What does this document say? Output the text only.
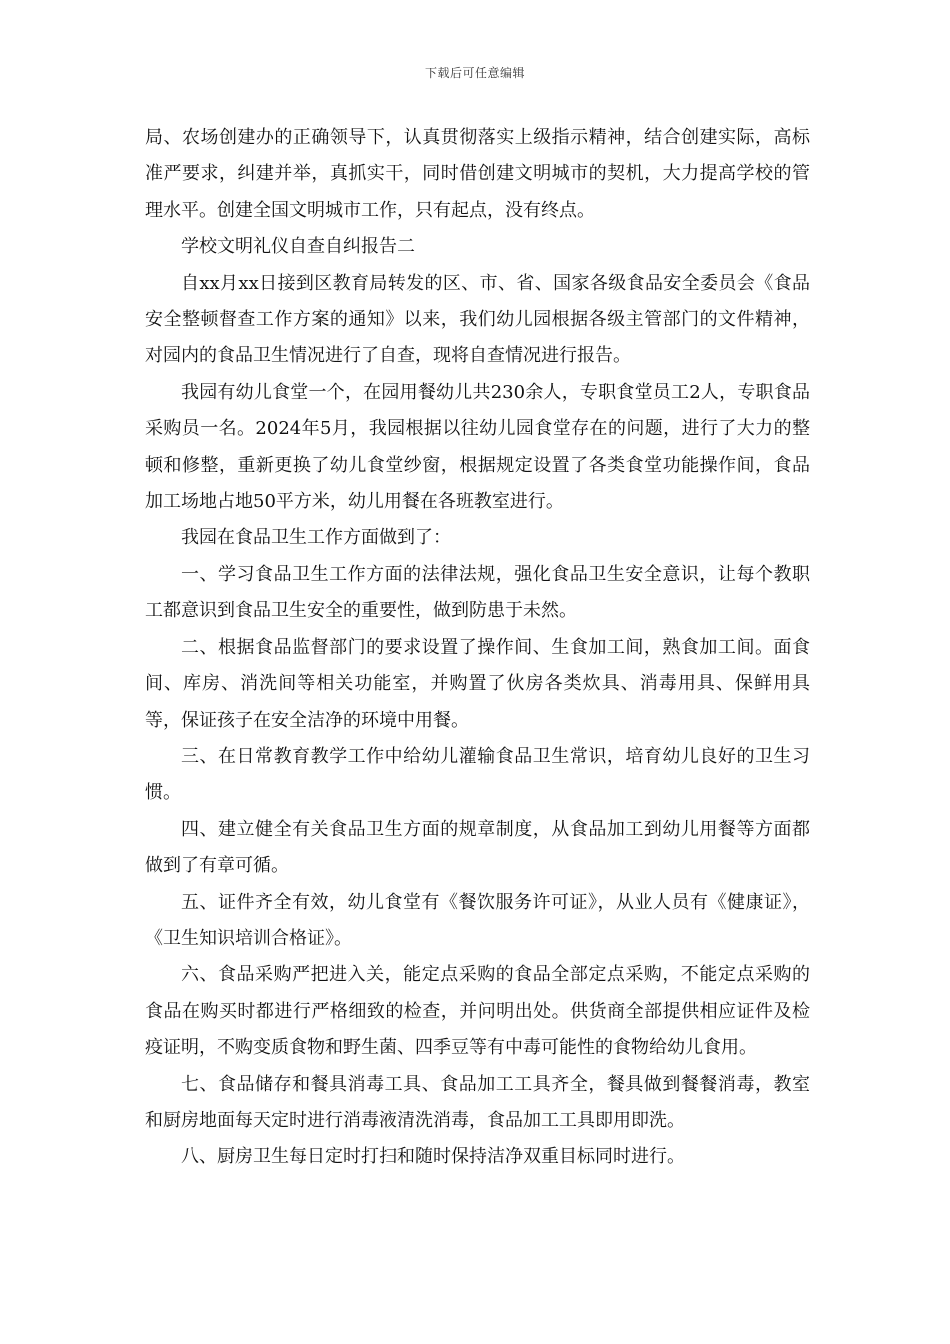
下载后可任意编辑

局、农场创建办的正确领导下，认真贯彻落实上级指示精神，结合创建实际，高标准严要求，纠建并举，真抓实干，同时借创建文明城市的契机，大力提高学校的管理水平。创建全国文明城市工作，只有起点，没有终点。

学校文明礼仪自查自纠报告二

自xx月xx日接到区教育局转发的区、市、省、国家各级食品安全委员会《食品安全整顿督查工作方案的通知》以来，我们幼儿园根据各级主管部门的文件精神，对园内的食品卫生情况进行了自查，现将自查情况进行报告。

我园有幼儿食堂一个，在园用餐幼儿共230余人，专职食堂员工2人，专职食品采购员一名。2024年5月，我园根据以往幼儿园食堂存在的问题，进行了大力的整顿和修整，重新更换了幼儿食堂纱窗，根据规定设置了各类食堂功能操作间，食品加工场地占地50平方米，幼儿用餐在各班教室进行。

我园在食品卫生工作方面做到了：

一、学习食品卫生工作方面的法律法规，强化食品卫生安全意识，让每个教职工都意识到食品卫生安全的重要性，做到防患于未然。

二、根据食品监督部门的要求设置了操作间、生食加工间，熟食加工间。面食间、库房、消洗间等相关功能室，并购置了伙房各类炊具、消毒用具、保鲜用具等，保证孩子在安全洁净的环境中用餐。

三、在日常教育教学工作中给幼儿灌输食品卫生常识，培育幼儿良好的卫生习惯。

四、建立健全有关食品卫生方面的规章制度，从食品加工到幼儿用餐等方面都做到了有章可循。

五、证件齐全有效，幼儿食堂有《餐饮服务许可证》，从业人员有《健康证》，《卫生知识培训合格证》。

六、食品采购严把进入关，能定点采购的食品全部定点采购，不能定点采购的食品在购买时都进行严格细致的检查，并问明出处。供货商全部提供相应证件及检疫证明，不购变质食物和野生菌、四季豆等有中毒可能性的食物给幼儿食用。

七、食品储存和餐具消毒工具、食品加工工具齐全，餐具做到餐餐消毒，教室和厨房地面每天定时进行消毒液清洗消毒，食品加工工具即用即洗。

八、厨房卫生每日定时打扫和随时保持洁净双重目标同时进行。
